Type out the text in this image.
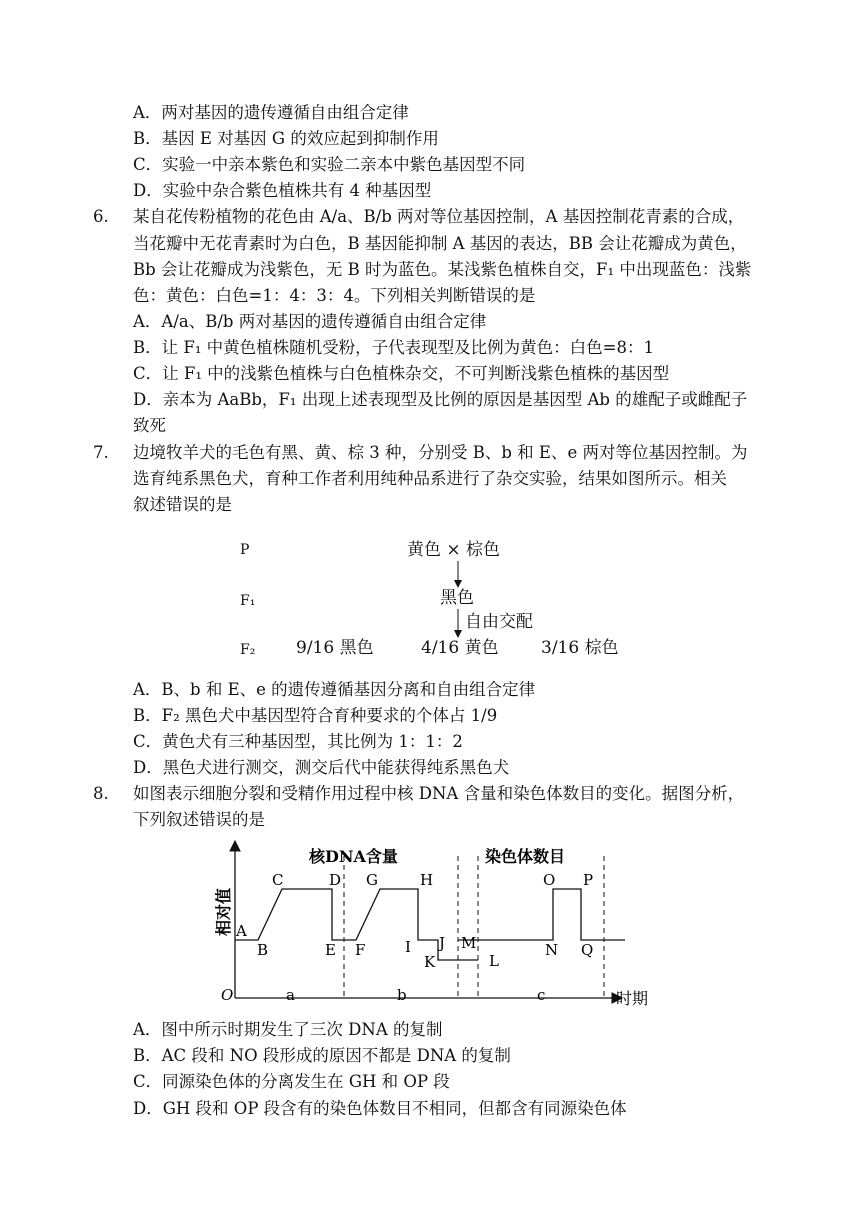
A．两对基因的遗传遵循自由组合定律
B．基因 E 对基因 G 的效应起到抑制作用
C．实验一中亲本紫色和实验二亲本中紫色基因型不同
D．实验中杂合紫色植株共有 4 种基因型
6. 某自花传粉植物的花色由 A/a、B/b 两对等位基因控制，A 基因控制花青素的合成，
当花瓣中无花青素时为白色，B 基因能抑制 A 基因的表达，BB 会让花瓣成为黄色，
Bb 会让花瓣成为浅紫色，无 B 时为蓝色。某浅紫色植株自交，F₁ 中出现蓝色：浅紫
色：黄色：白色=1：4：3：4。下列相关判断错误的是
A．A/a、B/b 两对基因的遗传遵循自由组合定律
B．让 F₁ 中黄色植株随机受粉，子代表现型及比例为黄色：白色=8：1
C．让 F₁ 中的浅紫色植株与白色植株杂交，不可判断浅紫色植株的基因型
D．亲本为 AaBb，F₁ 出现上述表现型及比例的原因是基因型 Ab 的雄配子或雌配子
致死
7. 边境牧羊犬的毛色有黑、黄、棕 3 种，分别受 B、b 和 E、e 两对等位基因控制。为
选育纯系黑色犬，育种工作者利用纯种品系进行了杂交实验，结果如图所示。相关
叙述错误的是
P	黄色 × 棕色
F₁	黑色
自由交配
F₂ 9/16 黑色	4/16 黄色 3/16 棕色
A．B、b 和 E、e 的遗传遵循基因分离和自由组合定律
B．F₂ 黑色犬中基因型符合育种要求的个体占 1/9
C．黄色犬有三种基因型，其比例为 1：1：2
D．黑色犬进行测交，测交后代中能获得纯系黑色犬
8. 如图表示细胞分裂和受精作用过程中核 DNA 含量和染色体数目的变化。据图分析，
下列叙述错误的是
相对值
时期
O
核DNA含量	染色体数目
A
B
C	D
E F
G	H
I J
K	L
M	N
O P
Q
a	b	c
A．图中所示时期发生了三次 DNA 的复制
B．AC 段和 NO 段形成的原因不都是 DNA 的复制
C．同源染色体的分离发生在 GH 和 OP 段
D．GH 段和 OP 段含有的染色体数目不相同，但都含有同源染色体
